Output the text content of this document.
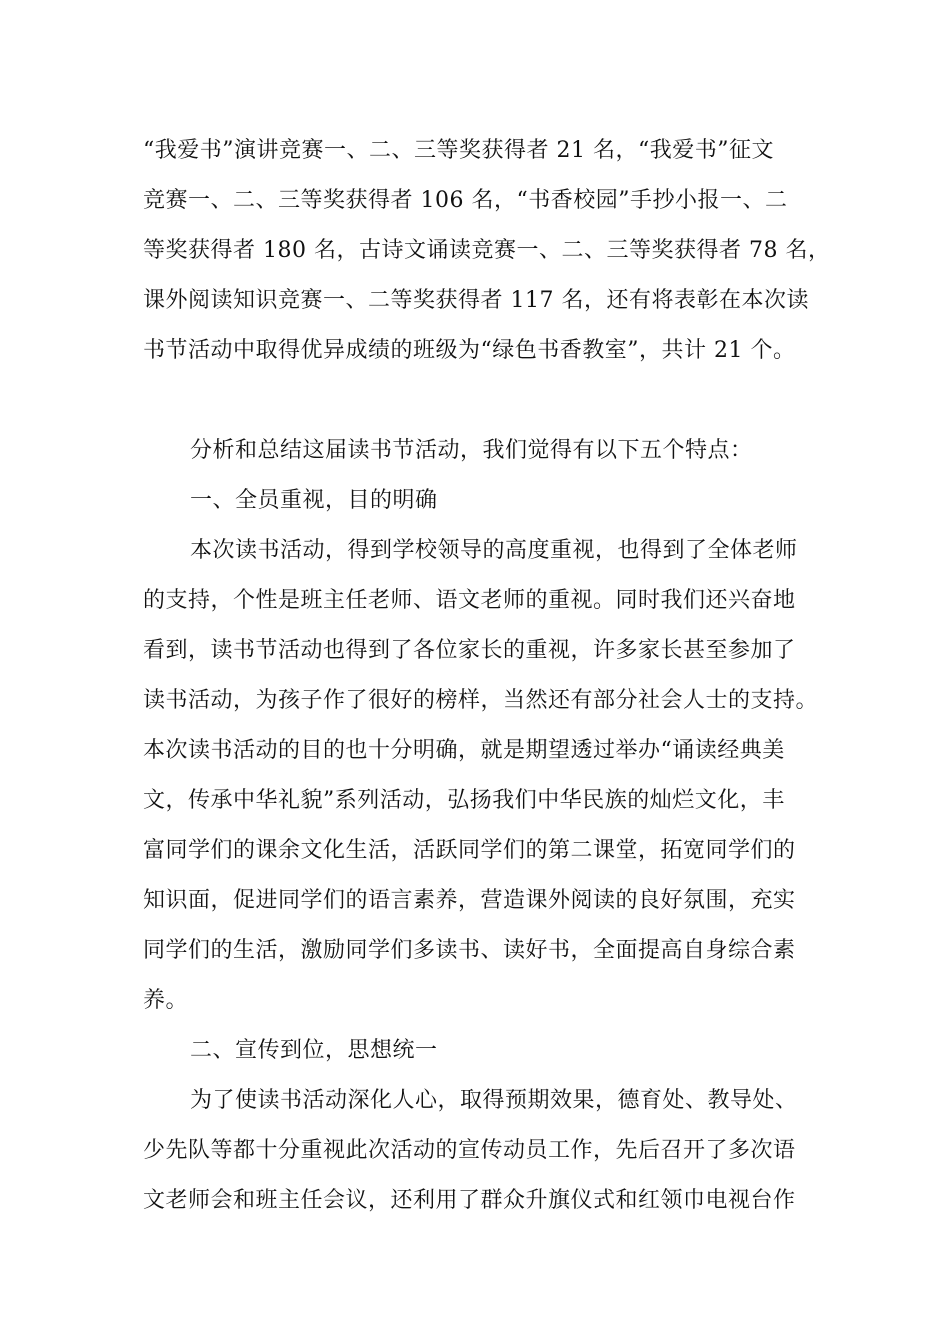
“我爱书”演讲竞赛一、二、三等奖获得者 21 名，“我爱书”征文
竞赛一、二、三等奖获得者 106 名，“书香校园”手抄小报一、二
等奖获得者 180 名，古诗文诵读竞赛一、二、三等奖获得者 78 名，
课外阅读知识竞赛一、二等奖获得者 117 名，还有将表彰在本次读
书节活动中取得优异成绩的班级为“绿色书香教室”，共计 21 个。
分析和总结这届读书节活动，我们觉得有以下五个特点：
一、全员重视，目的明确
本次读书活动，得到学校领导的高度重视，也得到了全体老师
的支持，个性是班主任老师、语文老师的重视。同时我们还兴奋地
看到，读书节活动也得到了各位家长的重视，许多家长甚至参加了
读书活动，为孩子作了很好的榜样，当然还有部分社会人士的支持。
本次读书活动的目的也十分明确，就是期望透过举办“诵读经典美
文，传承中华礼貌”系列活动，弘扬我们中华民族的灿烂文化，丰
富同学们的课余文化生活，活跃同学们的第二课堂，拓宽同学们的
知识面，促进同学们的语言素养，营造课外阅读的良好氛围，充实
同学们的生活，激励同学们多读书、读好书，全面提高自身综合素
养。
二、宣传到位，思想统一
为了使读书活动深化人心，取得预期效果，德育处、教导处、
少先队等都十分重视此次活动的宣传动员工作，先后召开了多次语
文老师会和班主任会议，还利用了群众升旗仪式和红领巾电视台作
